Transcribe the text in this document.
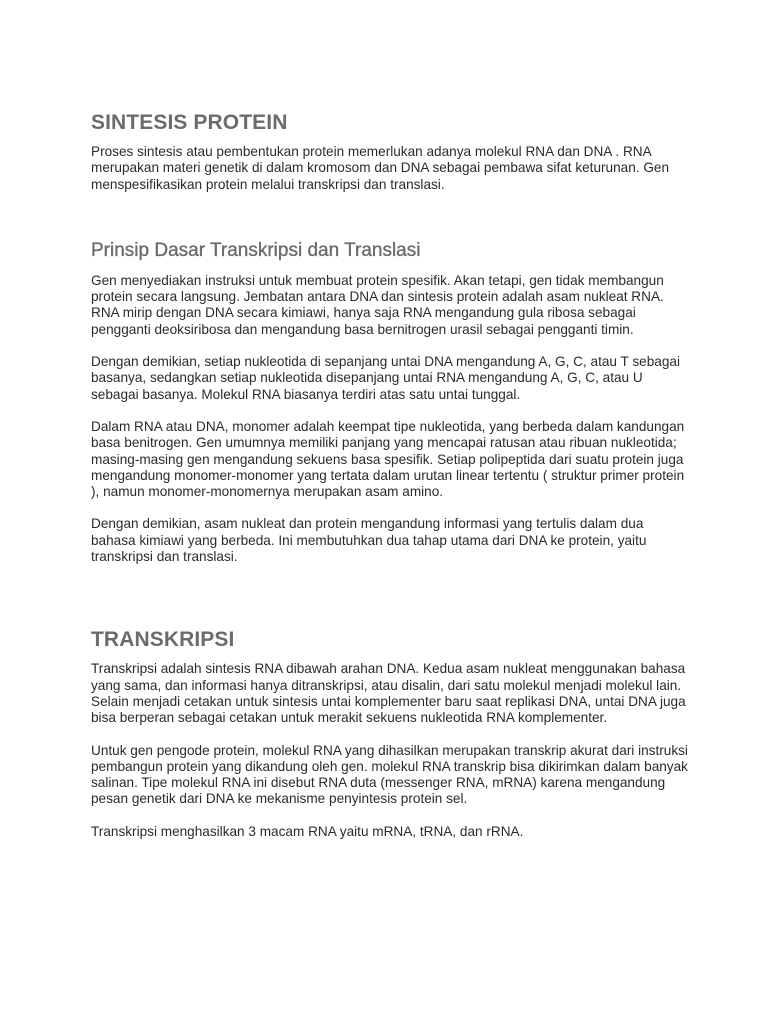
SINTESIS PROTEIN

Proses sintesis atau pembentukan protein memerlukan adanya molekul RNA dan DNA . RNA merupakan materi genetik di dalam kromosom dan DNA sebagai pembawa sifat keturunan. Gen menspesifikasikan protein melalui transkripsi dan translasi.

Prinsip Dasar Transkripsi dan Translasi

Gen menyediakan instruksi untuk membuat protein spesifik. Akan tetapi, gen tidak membangun protein secara langsung. Jembatan antara DNA dan sintesis protein adalah asam nukleat RNA. RNA mirip dengan DNA secara kimiawi, hanya saja RNA mengandung gula ribosa sebagai pengganti deoksiribosa dan mengandung basa bernitrogen urasil sebagai pengganti timin.

Dengan demikian, setiap nukleotida di sepanjang untai DNA mengandung A, G, C, atau T sebagai basanya, sedangkan setiap nukleotida disepanjang untai RNA mengandung A, G, C, atau U sebagai basanya. Molekul RNA biasanya terdiri atas satu untai tunggal.

Dalam RNA atau DNA, monomer adalah keempat tipe nukleotida, yang berbeda dalam kandungan basa benitrogen. Gen umumnya memiliki panjang yang mencapai ratusan atau ribuan nukleotida; masing-masing gen mengandung sekuens basa spesifik. Setiap polipeptida dari suatu protein juga mengandung monomer-monomer yang tertata dalam urutan linear tertentu ( struktur primer protein ), namun monomer-monomernya merupakan asam amino.

Dengan demikian, asam nukleat dan protein mengandung informasi yang tertulis dalam dua bahasa kimiawi yang berbeda. Ini membutuhkan dua tahap utama dari DNA ke protein, yaitu transkripsi dan translasi.

TRANSKRIPSI

Transkripsi adalah sintesis RNA dibawah arahan DNA. Kedua asam nukleat menggunakan bahasa yang sama, dan informasi hanya ditranskripsi, atau disalin, dari satu molekul menjadi molekul lain. Selain menjadi cetakan untuk sintesis untai komplementer baru saat replikasi DNA, untai DNA juga bisa berperan sebagai cetakan untuk merakit sekuens nukleotida RNA komplementer.

Untuk gen pengode protein, molekul RNA yang dihasilkan merupakan transkrip akurat dari instruksi pembangun protein yang dikandung oleh gen. molekul RNA transkrip bisa dikirimkan dalam banyak salinan. Tipe molekul RNA ini disebut RNA duta (messenger RNA, mRNA) karena mengandung pesan genetik dari DNA ke mekanisme penyintesis protein sel.

Transkripsi menghasilkan 3 macam RNA yaitu mRNA, tRNA, dan rRNA.
